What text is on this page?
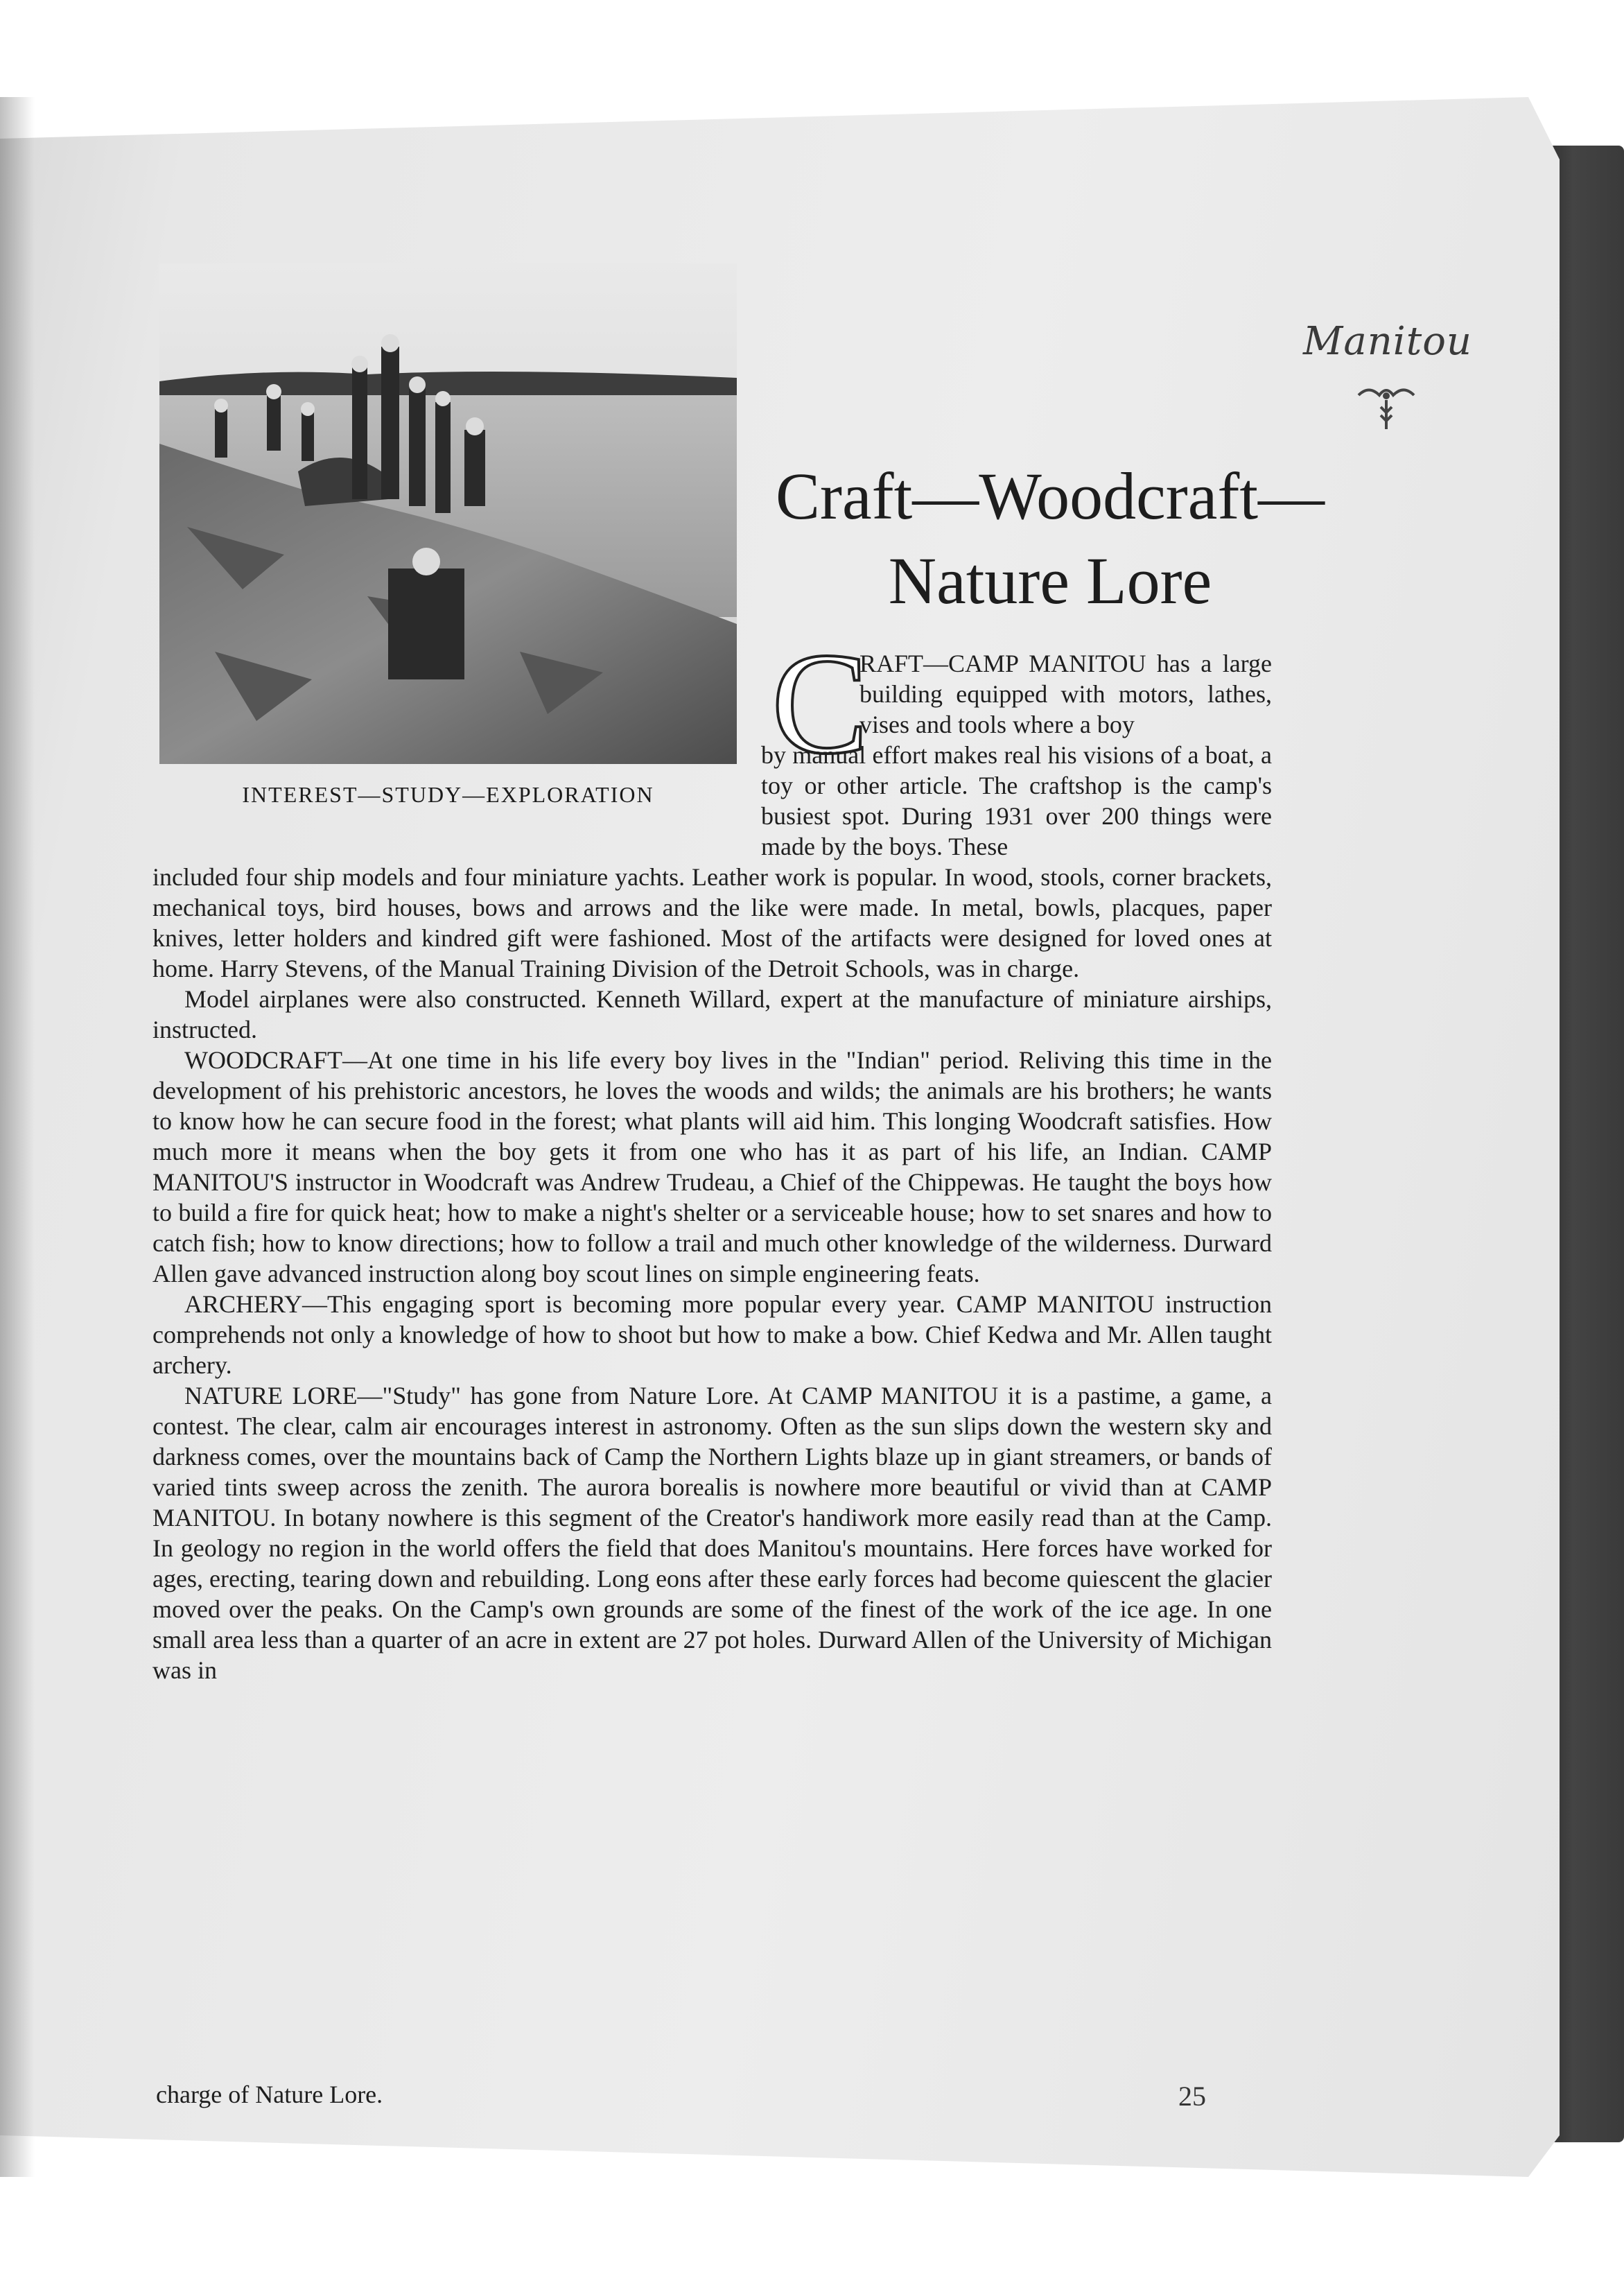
Manitou
INTEREST—STUDY—EXPLORATION
Craft—Woodcraft—
Nature Lore
C

RAFT—CAMP MANITOU has a large building equipped with motors, lathes, vises and tools where a boy

by manual effort makes real his visions of a boat, a toy or other article. The craftshop is the camp's busiest spot. During 1931 over 200 things were made by the boys. These

included four ship models and four miniature yachts. Leather work is popular. In wood, stools, corner brackets, mechanical toys, bird houses, bows and arrows and the like were made. In metal, bowls, placques, paper knives, letter holders and kindred gift were fashioned. Most of the artifacts were designed for loved ones at home. Harry Stevens, of the Manual Training Division of the Detroit Schools, was in charge.

Model airplanes were also constructed. Kenneth Willard, expert at the manufacture of miniature airships, instructed.

WOODCRAFT—At one time in his life every boy lives in the "Indian" period. Reliving this time in the development of his prehistoric ancestors, he loves the woods and wilds; the animals are his brothers; he wants to know how he can secure food in the forest; what plants will aid him. This longing Woodcraft satisfies. How much more it means when the boy gets it from one who has it as part of his life, an Indian. CAMP MANITOU'S instructor in Woodcraft was Andrew Trudeau, a Chief of the Chippewas. He taught the boys how to build a fire for quick heat; how to make a night's shelter or a serviceable house; how to set snares and how to catch fish; how to know directions; how to follow a trail and much other knowledge of the wilderness. Durward Allen gave advanced instruction along boy scout lines on simple engineering feats.

ARCHERY—This engaging sport is becoming more popular every year. CAMP MANITOU instruction comprehends not only a knowledge of how to shoot but how to make a bow. Chief Kedwa and Mr. Allen taught archery.

NATURE LORE—"Study" has gone from Nature Lore. At CAMP MANITOU it is a pastime, a game, a contest. The clear, calm air encourages interest in astronomy. Often as the sun slips down the western sky and darkness comes, over the mountains back of Camp the Northern Lights blaze up in giant streamers, or bands of varied tints sweep across the zenith. The aurora borealis is nowhere more beautiful or vivid than at CAMP MANITOU. In botany nowhere is this segment of the Creator's handiwork more easily read than at the Camp. In geology no region in the world offers the field that does Manitou's mountains. Here forces have worked for ages, erecting, tearing down and rebuilding. Long eons after these early forces had become quiescent the glacier moved over the peaks. On the Camp's own grounds are some of the finest of the work of the ice age. In one small area less than a quarter of an acre in extent are 27 pot holes. Durward Allen of the University of Michigan was in

charge of Nature Lore.	25
